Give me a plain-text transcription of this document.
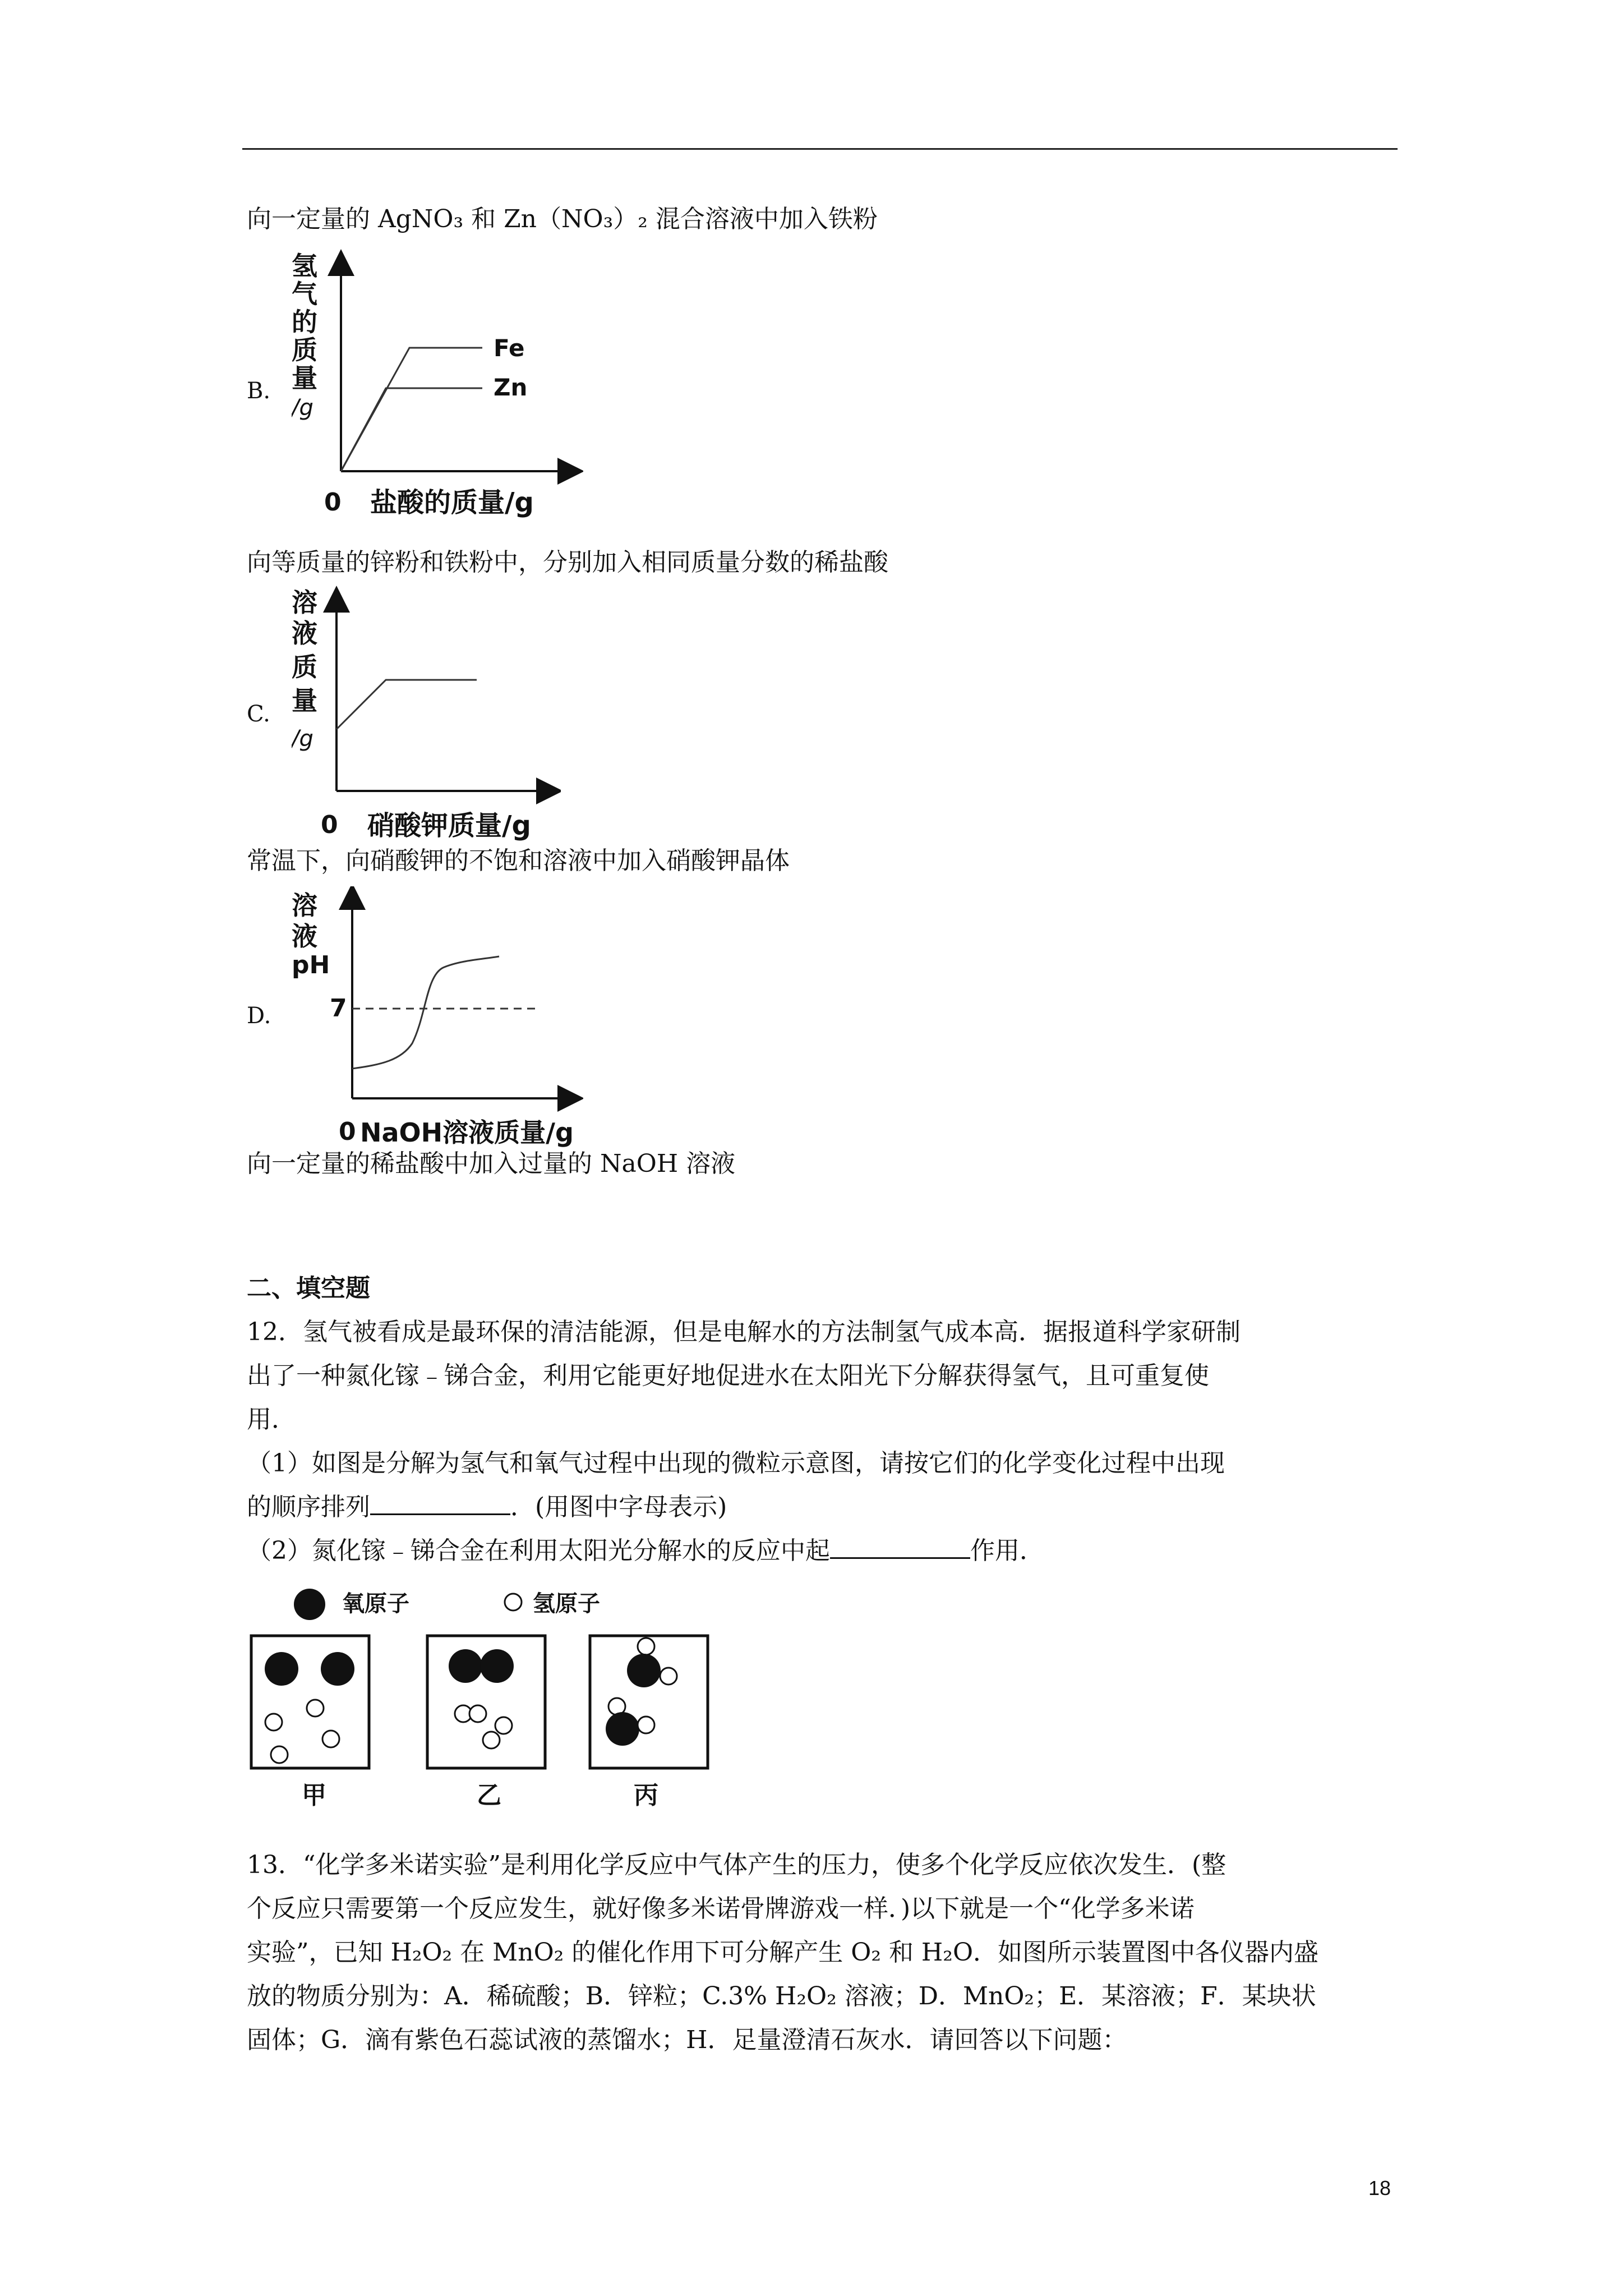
向一定量的 AgNO₃ 和 Zn（NO₃）₂ 混合溶液中加入铁粉
B.
氢
气
的
质
量
/g
0 盐酸的质量/g
Fe
Zn
向等质量的锌粉和铁粉中，分别加入相同质量分数的稀盐酸
C.
溶
液
质
量
/g
0 硝酸钾质量/g
常温下，向硝酸钾的不饱和溶液中加入硝酸钾晶体
D.
溶
液
pH
7
0 NaOH溶液质量/g
向一定量的稀盐酸中加入过量的 NaOH 溶液
二、填空题
12．氢气被看成是最环保的清洁能源，但是电解水的方法制氢气成本高．据报道科学家研制
出了一种氮化镓﹣锑合金，利用它能更好地促进水在太阳光下分解获得氢气，且可重复使
用．
（1）如图是分解为氢气和氧气过程中出现的微粒示意图，请按它们的化学变化过程中出现
的顺序排列	．(用图中字母表示)
（2）氮化镓﹣锑合金在利用太阳光分解水的反应中起	作用．
氧原子	氢原子
甲	乙	丙
13．“化学多米诺实验”是利用化学反应中气体产生的压力，使多个化学反应依次发生．(整
个反应只需要第一个反应发生，就好像多米诺骨牌游戏一样．)以下就是一个“化学多米诺
实验”，已知 H₂O₂ 在 MnO₂ 的催化作用下可分解产生 O₂ 和 H₂O．如图所示装置图中各仪器内盛
放的物质分别为：A．稀硫酸；B．锌粒；C.3% H₂O₂ 溶液；D．MnO₂；E．某溶液；F．某块状
固体；G．滴有紫色石蕊试液的蒸馏水；H．足量澄清石灰水．请回答以下问题：
18
